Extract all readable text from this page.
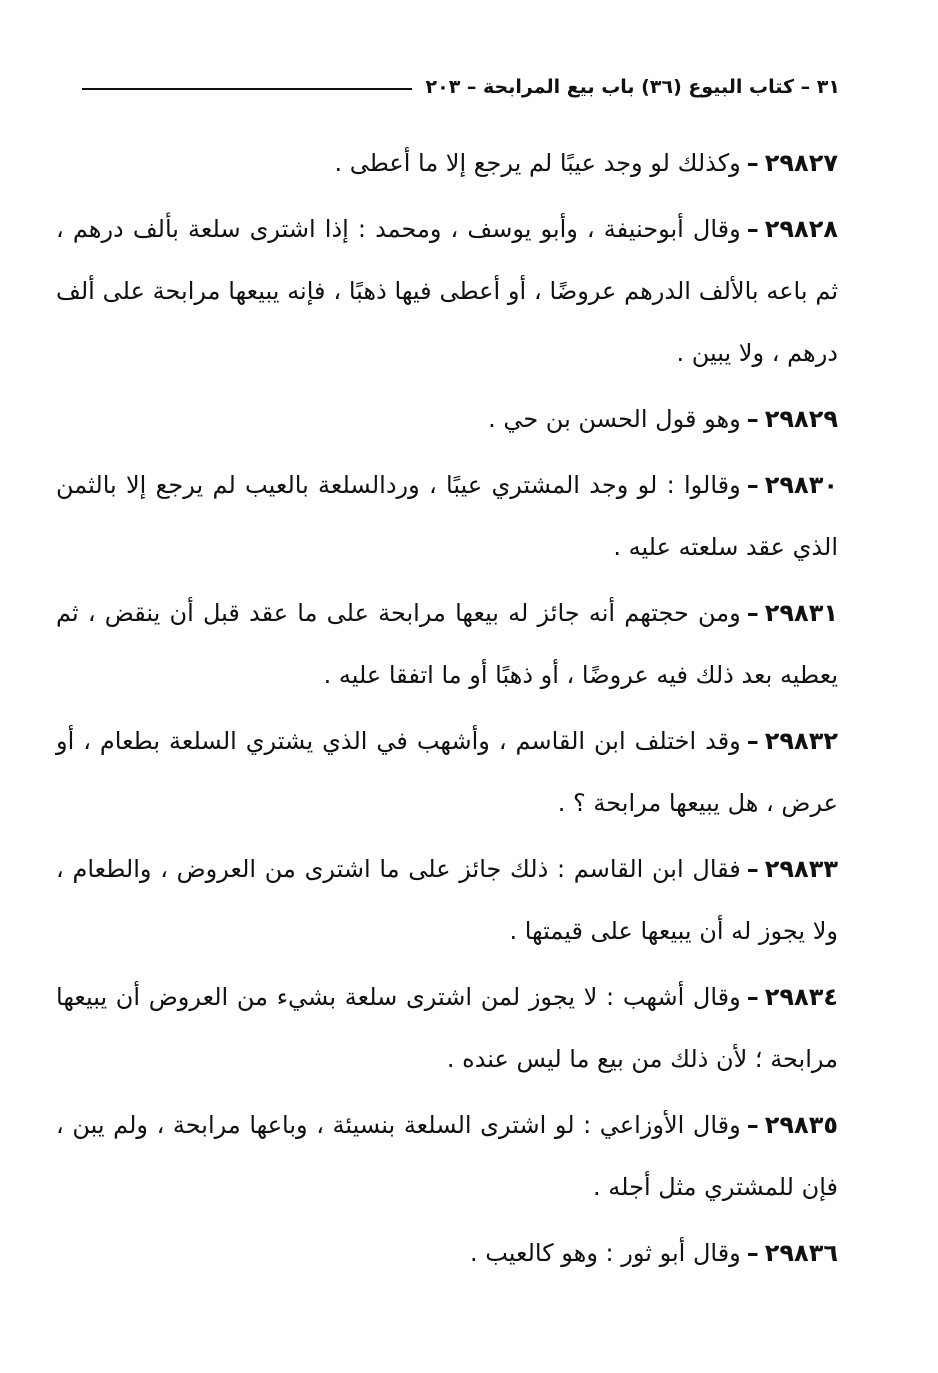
٣١ – كتاب البيوع (٣٦) باب بيع المرابحة – ٢٠٣

٢٩٨٢٧–وكذلك لو وجد عيبًا لم يرجع إلا ما أعطى .

٢٩٨٢٨–وقال أبوحنيفة ، وأبو يوسف ، ومحمد : إذا اشترى سلعة بألف درهم ، ثم باعه بالألف الدرهم عروضًا ، أو أعطى فيها ذهبًا ، فإنه يبيعها مرابحة على ألف درهم ، ولا يبين .

٢٩٨٢٩–وهو قول الحسن بن حي .

٢٩٨٣٠–وقالوا : لو وجد المشتري عيبًا ، وردالسلعة بالعيب لم يرجع إلا بالثمن الذي عقد سلعته عليه .

٢٩٨٣١–ومن حجتهم أنه جائز له بيعها مرابحة على ما عقد قبل أن ينقض ، ثم يعطيه بعد ذلك فيه عروضًا ، أو ذهبًا أو ما اتفقا عليه .

٢٩٨٣٢–وقد اختلف ابن القاسم ، وأشهب في الذي يشتري السلعة بطعام ، أو عرض ، هل يبيعها مرابحة ؟ .

٢٩٨٣٣–فقال ابن القاسم : ذلك جائز على ما اشترى من العروض ، والطعام ، ولا يجوز له أن يبيعها على قيمتها .

٢٩٨٣٤–وقال أشهب : لا يجوز لمن اشترى سلعة بشيء من العروض أن يبيعها مرابحة ؛ لأن ذلك من بيع ما ليس عنده .

٢٩٨٣٥–وقال الأوزاعي : لو اشترى السلعة بنسيئة ، وباعها مرابحة ، ولم يبن ، فإن للمشتري مثل أجله .

٢٩٨٣٦–وقال أبو ثور : وهو كالعيب .
